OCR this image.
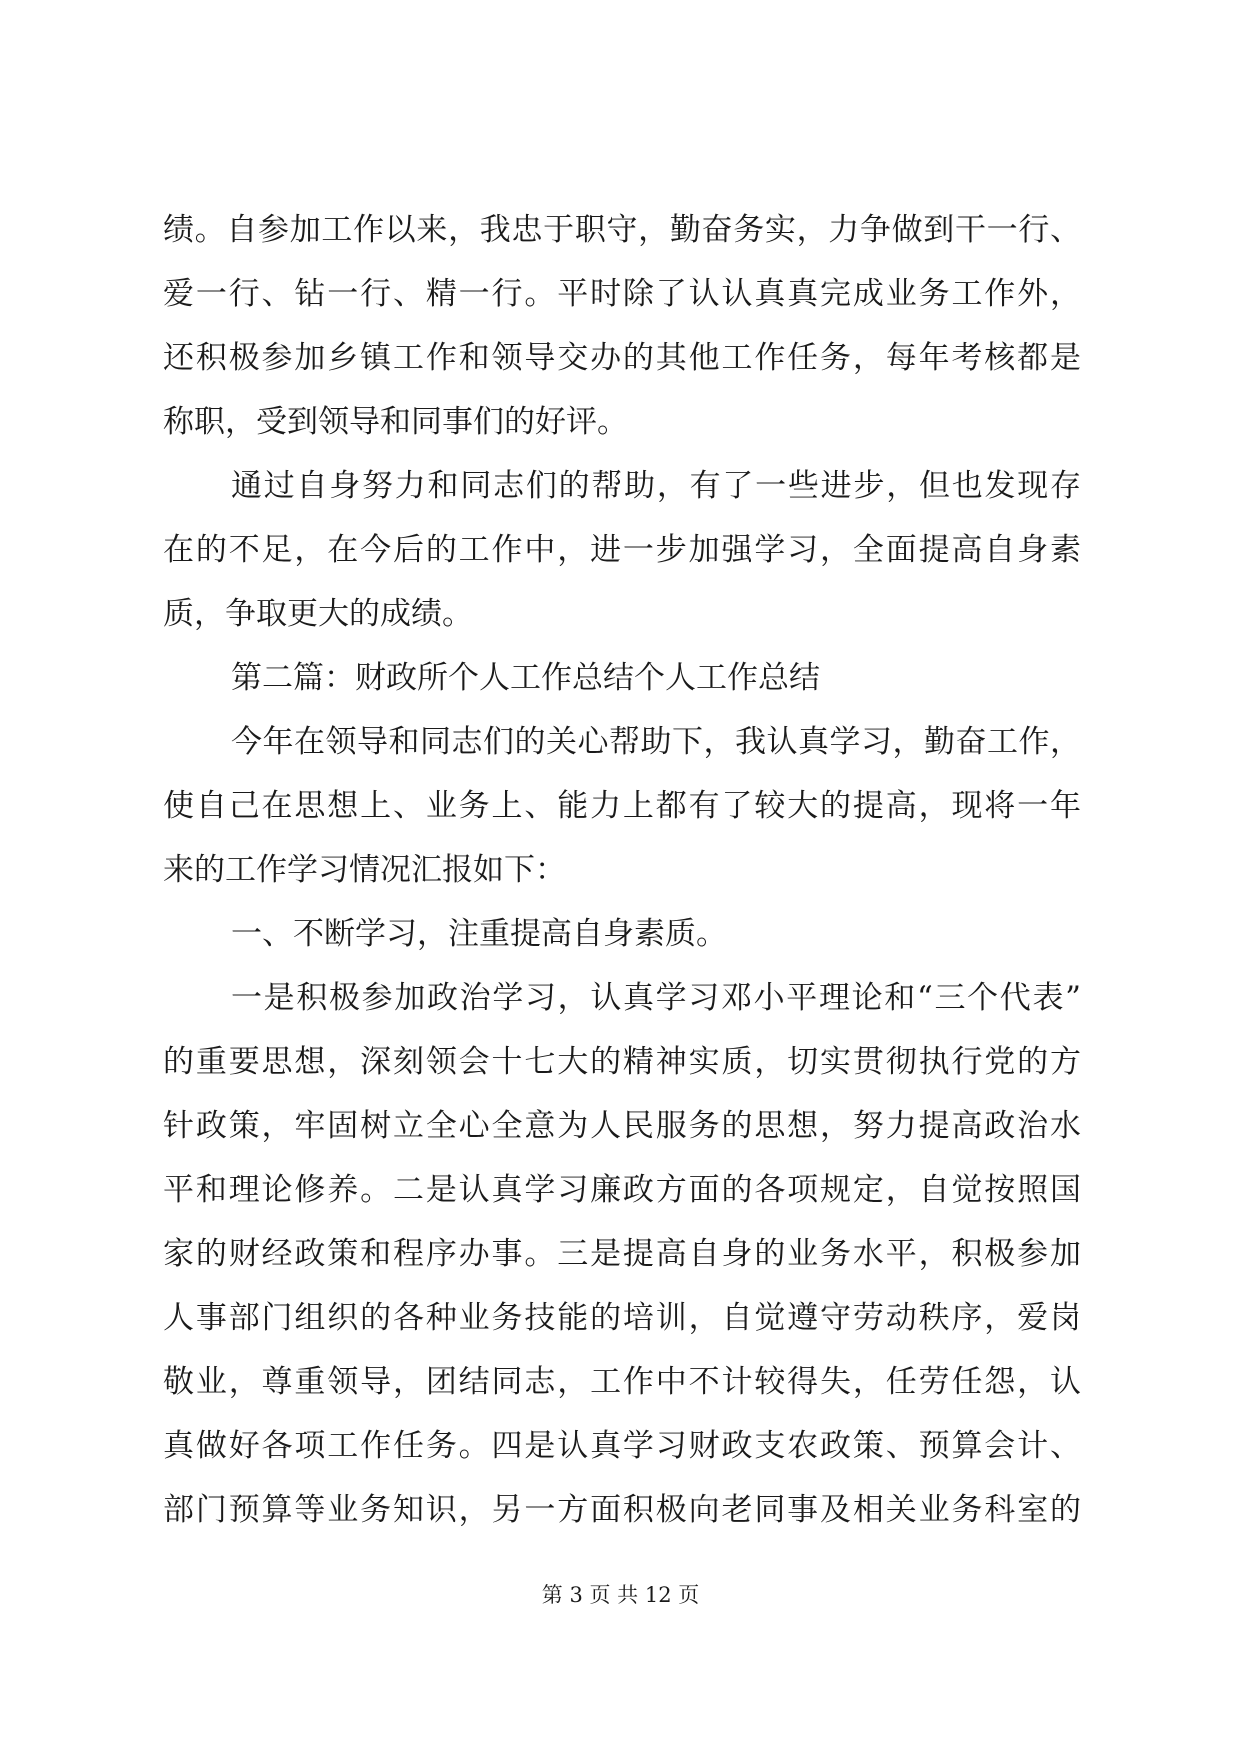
绩。自参加工作以来，我忠于职守，勤奋务实，力争做到干一行、
爱一行、钻一行、精一行。平时除了认认真真完成业务工作外，
还积极参加乡镇工作和领导交办的其他工作任务，每年考核都是
称职，受到领导和同事们的好评。
通过自身努力和同志们的帮助，有了一些进步，但也发现存
在的不足，在今后的工作中，进一步加强学习，全面提高自身素
质，争取更大的成绩。
第二篇：财政所个人工作总结个人工作总结
今年在领导和同志们的关心帮助下，我认真学习，勤奋工作，
使自己在思想上、业务上、能力上都有了较大的提高，现将一年
来的工作学习情况汇报如下：
一、不断学习，注重提高自身素质。
一是积极参加政治学习，认真学习邓小平理论和“三个代表”
的重要思想，深刻领会十七大的精神实质，切实贯彻执行党的方
针政策，牢固树立全心全意为人民服务的思想，努力提高政治水
平和理论修养。二是认真学习廉政方面的各项规定，自觉按照国
家的财经政策和程序办事。三是提高自身的业务水平，积极参加
人事部门组织的各种业务技能的培训，自觉遵守劳动秩序，爱岗
敬业，尊重领导，团结同志，工作中不计较得失，任劳任怨，认
真做好各项工作任务。四是认真学习财政支农政策、预算会计、
部门预算等业务知识，另一方面积极向老同事及相关业务科室的
第 3 页 共 12 页
